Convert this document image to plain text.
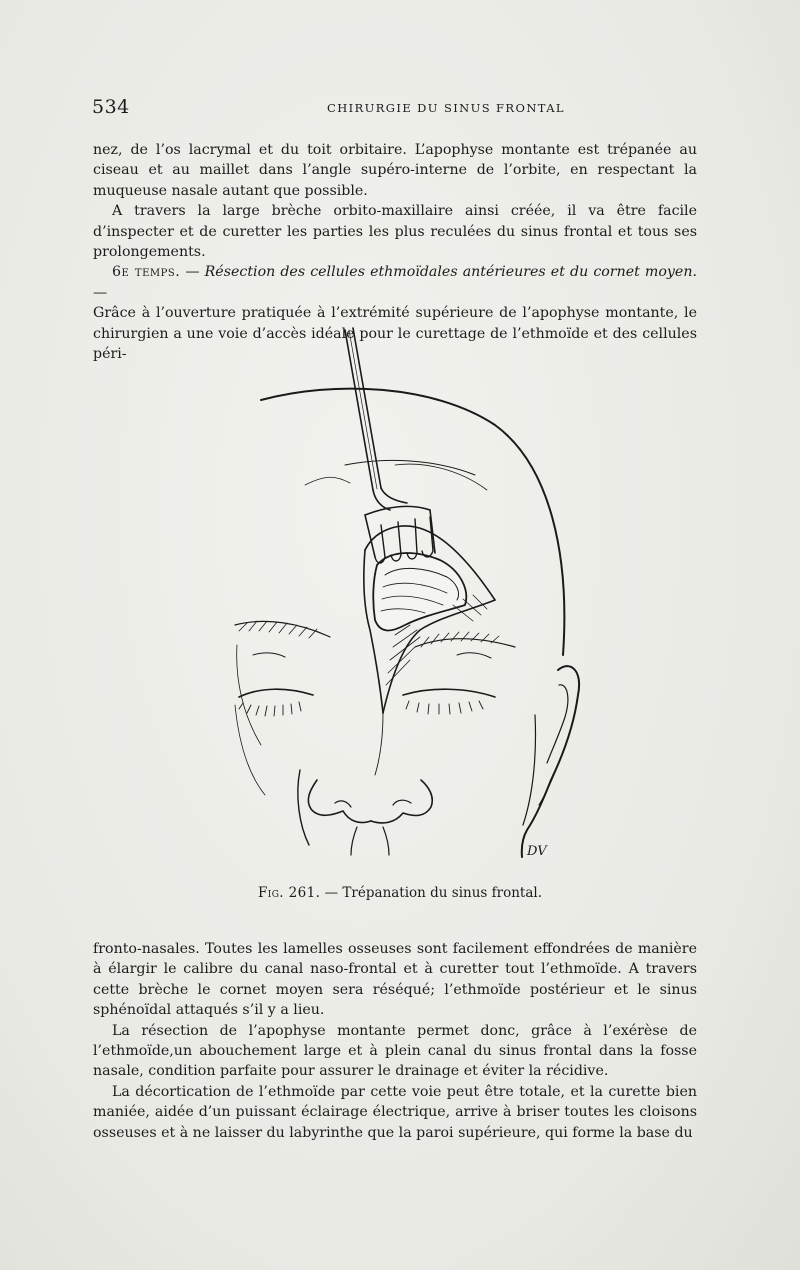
534	CHIRURGIE DU SINUS FRONTAL

nez, de l’os lacrymal et du toit orbitaire. L’apophyse montante est trépanée au ciseau et au maillet dans l’angle supéro-interne de l’orbite, en respectant la muqueuse nasale autant que possible.

A travers la large brèche orbito-maxillaire ainsi créée, il va être facile d’inspecter et de curetter les parties les plus reculées du sinus frontal et tous ses prolongements.

6e temps. — Résection des cellules ethmoïdales antérieures et du cornet moyen. —

Grâce à l’ouverture pratiquée à l’extrémité supérieure de l’apophyse montante, le chirurgien a une voie d’accès idéale pour le curettage de l’ethmoïde et des cellules péri-

DV
Fig. 261. — Trépanation du sinus frontal.

fronto-nasales. Toutes les lamelles osseuses sont facilement effondrées de manière à élargir le calibre du canal naso-frontal et à curetter tout l’ethmoïde. A travers cette brèche le cornet moyen sera réséqué; l’ethmoïde postérieur et le sinus sphénoïdal attaqués s’il y a lieu.

La résection de l’apophyse montante permet donc, grâce à l’exérèse de l’ethmoïde,un abouchement large et à plein canal du sinus frontal dans la fosse nasale, condition parfaite pour assurer le drainage et éviter la récidive.

La décortication de l’ethmoïde par cette voie peut être totale, et la curette bien maniée, aidée d’un puissant éclairage électrique, arrive à briser toutes les cloisons osseuses et à ne laisser du labyrinthe que la paroi supérieure, qui forme la base du
